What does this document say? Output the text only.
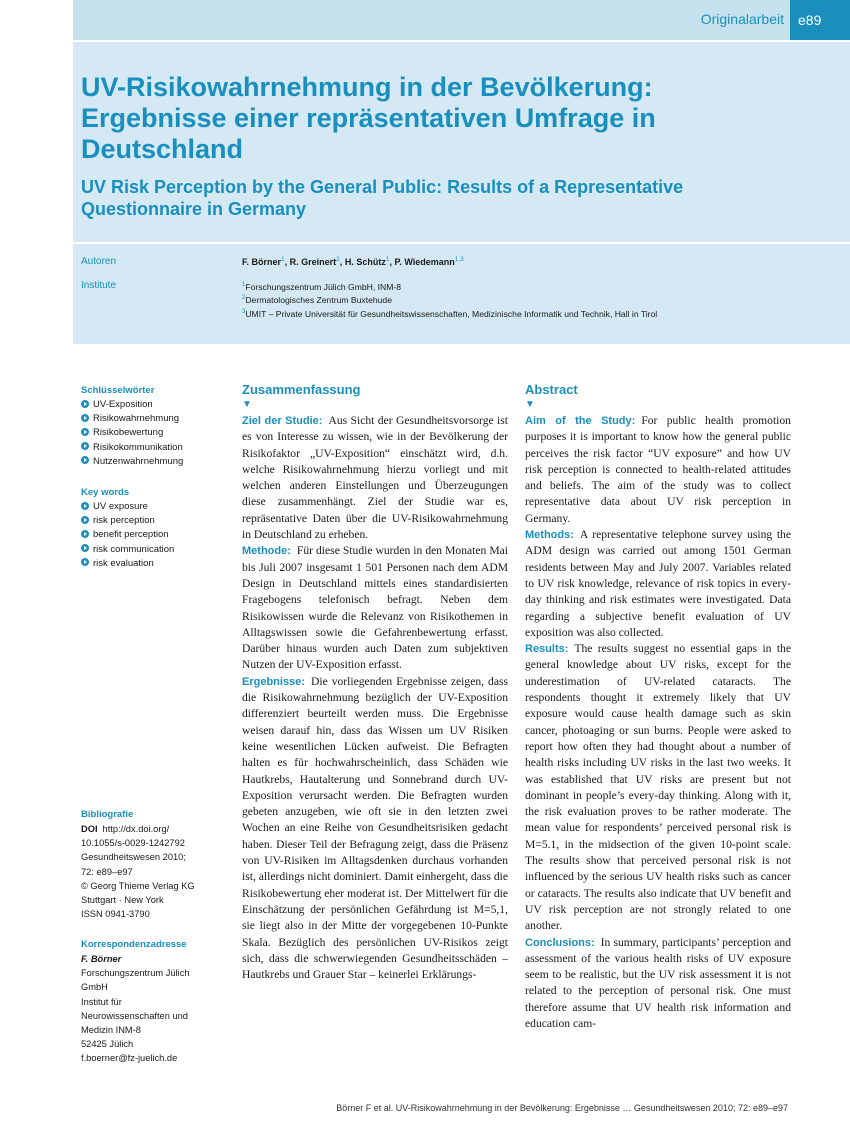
Originalarbeit	e89
UV-Risikowahrnehmung in der Bevölkerung: Ergebnisse einer repräsentativen Umfrage in Deutschland
UV Risk Perception by the General Public: Results of a Representative Questionnaire in Germany
Autoren
Institute
F. Börner$^1$, R. Greinert$^2$, H. Schütz$^1$, P. Wiedemann$^{1,3}$
$^1$Forschungszentrum Jülich GmbH, INM-8
$^2$Dermatologisches Zentrum Buxtehude
$^3$UMIT – Private Universität für Gesundheitswissenschaften, Medizinische Informatik und Technik, Hall in Tirol
Schlüsselwörter
UV-Exposition
Risikowahrnehmung
Risikobewertung
Risikokommunikation
Nutzenwahrnehmung
Key words
UV exposure
risk perception
benefit perception
risk communication
risk evaluation
Bibliografie
DOI http://dx.doi.org/
10.1055/s-0029-1242792
Gesundheitswesen 2010;
72: e89–e97
© Georg Thieme Verlag KG
Stuttgart · New York
ISSN 0941-3790
Korrespondenzadresse
F. Börner
Forschungszentrum Jülich
GmbH
Institut für
Neurowissenschaften und
Medizin INM-8
52425 Jülich
f.boerner@fz-juelich.de
Zusammenfassung
▼

Ziel der Studie: Aus Sicht der Gesundheitsvorsorge ist es von Interesse zu wissen, wie in der Bevölkerung der Risikofaktor „UV-Exposition“ einschätzt wird, d.h. welche Risikowahrnehmung hierzu vorliegt und mit welchen anderen Einstellungen und Überzeugungen diese zusammenhängt. Ziel der Studie war es, repräsentative Daten über die UV-Risikowahrnehmung in Deutschland zu erheben.

Methode: Für diese Studie wurden in den Monaten Mai bis Juli 2007 insgesamt 1 501 Personen nach dem ADM Design in Deutschland mittels eines standardisierten Fragebogens telefonisch befragt. Neben dem Risikowissen wurde die Relevanz von Risikothemen in Alltagswissen sowie die Gefahrenbewertung erfasst. Darüber hinaus wurden auch Daten zum subjektiven Nutzen der UV-Exposition erfasst.

Ergebnisse: Die vorliegenden Ergebnisse zeigen, dass die Risikowahrnehmung bezüglich der UV-Exposition differenziert beurteilt werden muss. Die Ergebnisse weisen darauf hin, dass das Wissen um UV Risiken keine wesentlichen Lücken aufweist. Die Befragten halten es für hochwahrscheinlich, dass Schäden wie Hautkrebs, Hautalterung und Sonnebrand durch UV-Exposition verursacht werden. Die Befragten wurden gebeten anzugeben, wie oft sie in den letzten zwei Wochen an eine Reihe von Gesundheitsrisiken gedacht haben. Dieser Teil der Befragung zeigt, dass die Präsenz von UV-Risiken im Alltagsdenken durchaus vorhanden ist, allerdings nicht dominiert. Damit einhergeht, dass die Risikobewertung eher moderat ist. Der Mittelwert für die Einschätzung der persönlichen Gefährdung ist M=5,1, sie liegt also in der Mitte der vorgegebenen 10-Punkte Skala. Bezüglich des persönlichen UV-Risikos zeigt sich, dass die schwerwiegenden Gesundheitsschäden – Hautkrebs und Grauer Star – keinerlei Erklärungs-

Abstract
▼

Aim of the Study: For public health promotion purposes it is important to know how the general public perceives the risk factor “UV exposure” and how UV risk perception is connected to health-related attitudes and beliefs. The aim of the study was to collect representative data about UV risk perception in Germany.

Methods: A representative telephone survey using the ADM design was carried out among 1501 German residents between May and July 2007. Variables related to UV risk knowledge, relevance of risk topics in every-day thinking and risk estimates were investigated. Data regarding a subjective benefit evaluation of UV exposition was also collected.

Results: The results suggest no essential gaps in the general knowledge about UV risks, except for the underestimation of UV-related cataracts. The respondents thought it extremely likely that UV exposure would cause health damage such as skin cancer, photoaging or sun burns. People were asked to report how often they had thought about a number of health risks including UV risks in the last two weeks. It was established that UV risks are present but not dominant in people’s every-day thinking. Along with it, the risk evaluation proves to be rather moderate. The mean value for respondents’ perceived personal risk is M=5.1, in the midsection of the given 10-point scale. The results show that perceived personal risk is not influenced by the serious UV health risks such as cancer or cataracts. The results also indicate that UV benefit and UV risk perception are not strongly related to one another.

Conclusions: In summary, participants’ perception and assessment of the various health risks of UV exposure seem to be realistic, but the UV risk assessment it is not related to the perception of personal risk. One must therefore assume that UV health risk information and education cam-

Börner F et al. UV-Risikowahrnehmung in der Bevölkerung: Ergebnisse … Gesundheitswesen 2010; 72: e89–e97
